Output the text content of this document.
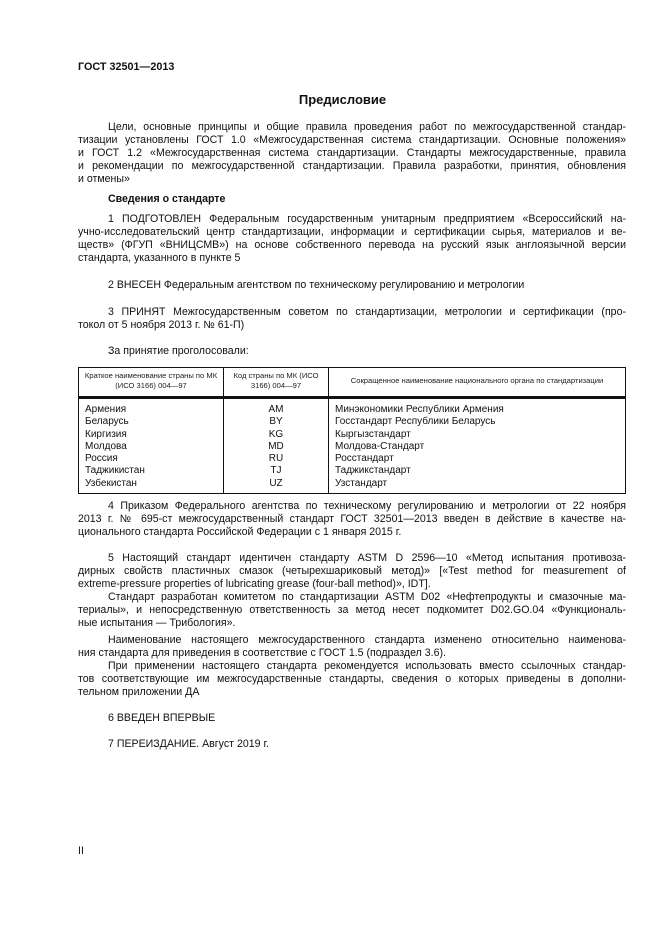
ГОСТ 32501—2013
Предисловие
Цели, основные принципы и общие правила проведения работ по межгосударственной стандар-
тизации установлены ГОСТ 1.0 «Межгосударственная система стандартизации. Основные положения»
и ГОСТ 1.2 «Межгосударственная система стандартизации. Стандарты межгосударственные, правила
и рекомендации по межгосударственной стандартизации. Правила разработки, принятия, обновления
и отмены»
Сведения о стандарте
1 ПОДГОТОВЛЕН Федеральным государственным унитарным предприятием «Всероссийский на-
учно-исследовательский центр стандартизации, информации и сертификации сырья, материалов и ве-
ществ» (ФГУП «ВНИЦСМВ») на основе собственного перевода на русский язык англоязычной версии
стандарта, указанного в пункте 5
2 ВНЕСЕН Федеральным агентством по техническому регулированию и метрологии
3 ПРИНЯТ Межгосударственным советом по стандартизации, метрологии и сертификации (про-
токол от 5 ноября 2013 г. № 61-П)
За принятие проголосовали:
Краткое наименование страны по МК (ИСО 3166) 004—97	Код страны по МК (ИСО 3166) 004—97	Сокращенное наименование национального органа по стандартизации
Армения	AM	Минэкономики Республики Армения
Беларусь	BY	Госстандарт Республики Беларусь
Киргизия	KG	Кыргызстандарт
Молдова	MD	Молдова-Стандарт
Россия	RU	Росстандарт
Таджикистан	TJ	Таджикстандарт
Узбекистан	UZ	Узстандарт
4 Приказом Федерального агентства по техническому регулированию и метрологии от 22 ноября
2013 г. № 695-ст межгосударственный стандарт ГОСТ 32501—2013 введен в действие в качестве на-
ционального стандарта Российской Федерации с 1 января 2015 г.
5 Настоящий стандарт идентичен стандарту ASTM D 2596—10 «Метод испытания противоза-
дирных свойств пластичных смазок (четырехшариковый метод)» [«Test method for measurement of
extreme-pressure properties of lubricating grease (four-ball method)», IDT].
Стандарт разработан комитетом по стандартизации ASTM D02 «Нефтепродукты и смазочные ма-
териалы», и непосредственную ответственность за метод несет подкомитет D02.GO.04 «Функциональ-
ные испытания — Трибология».
Наименование настоящего межгосударственного стандарта изменено относительно наименова-
ния стандарта для приведения в соответствие с ГОСТ 1.5 (подраздел 3.6).
При применении настоящего стандарта рекомендуется использовать вместо ссылочных стандар-
тов соответствующие им межгосударственные стандарты, сведения о которых приведены в дополни-
тельном приложении ДА
6 ВВЕДЕН ВПЕРВЫЕ
7 ПЕРЕИЗДАНИЕ. Август 2019 г.
II
